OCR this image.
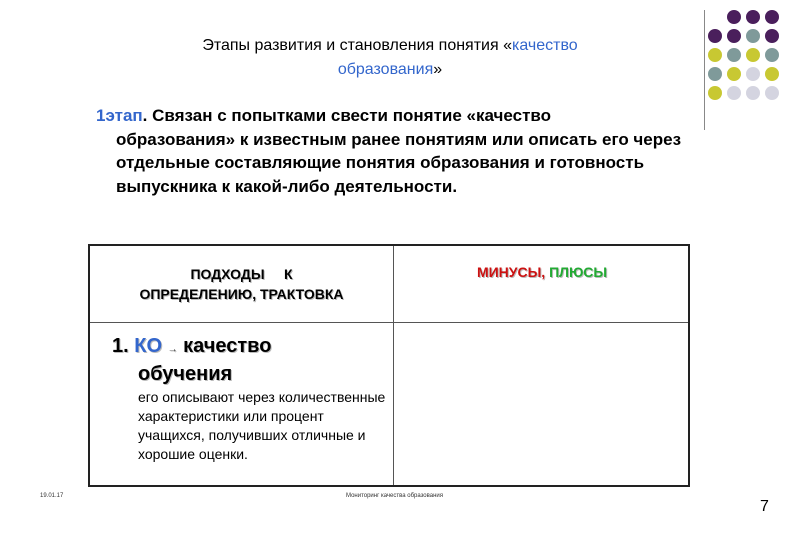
Этапы развития и становления понятия «качество
образования»
1этап. Связан с попытками свести понятие «качество
образования» к известным ранее понятиям или описать его через отдельные составляющие понятия образования и готовность выпускника к какой-либо деятельности.
ПОДХОДЫ     К
ОПРЕДЕЛЕНИЮ, ТРАКТОВКА
МИНУСЫ, ПЛЮСЫ
1. КО → качество
обучения
его описывают через количественные характеристики или процент учащихся, получивших отличные и хорошие оценки.
19.01.17	Мониторинг качества образования
7
